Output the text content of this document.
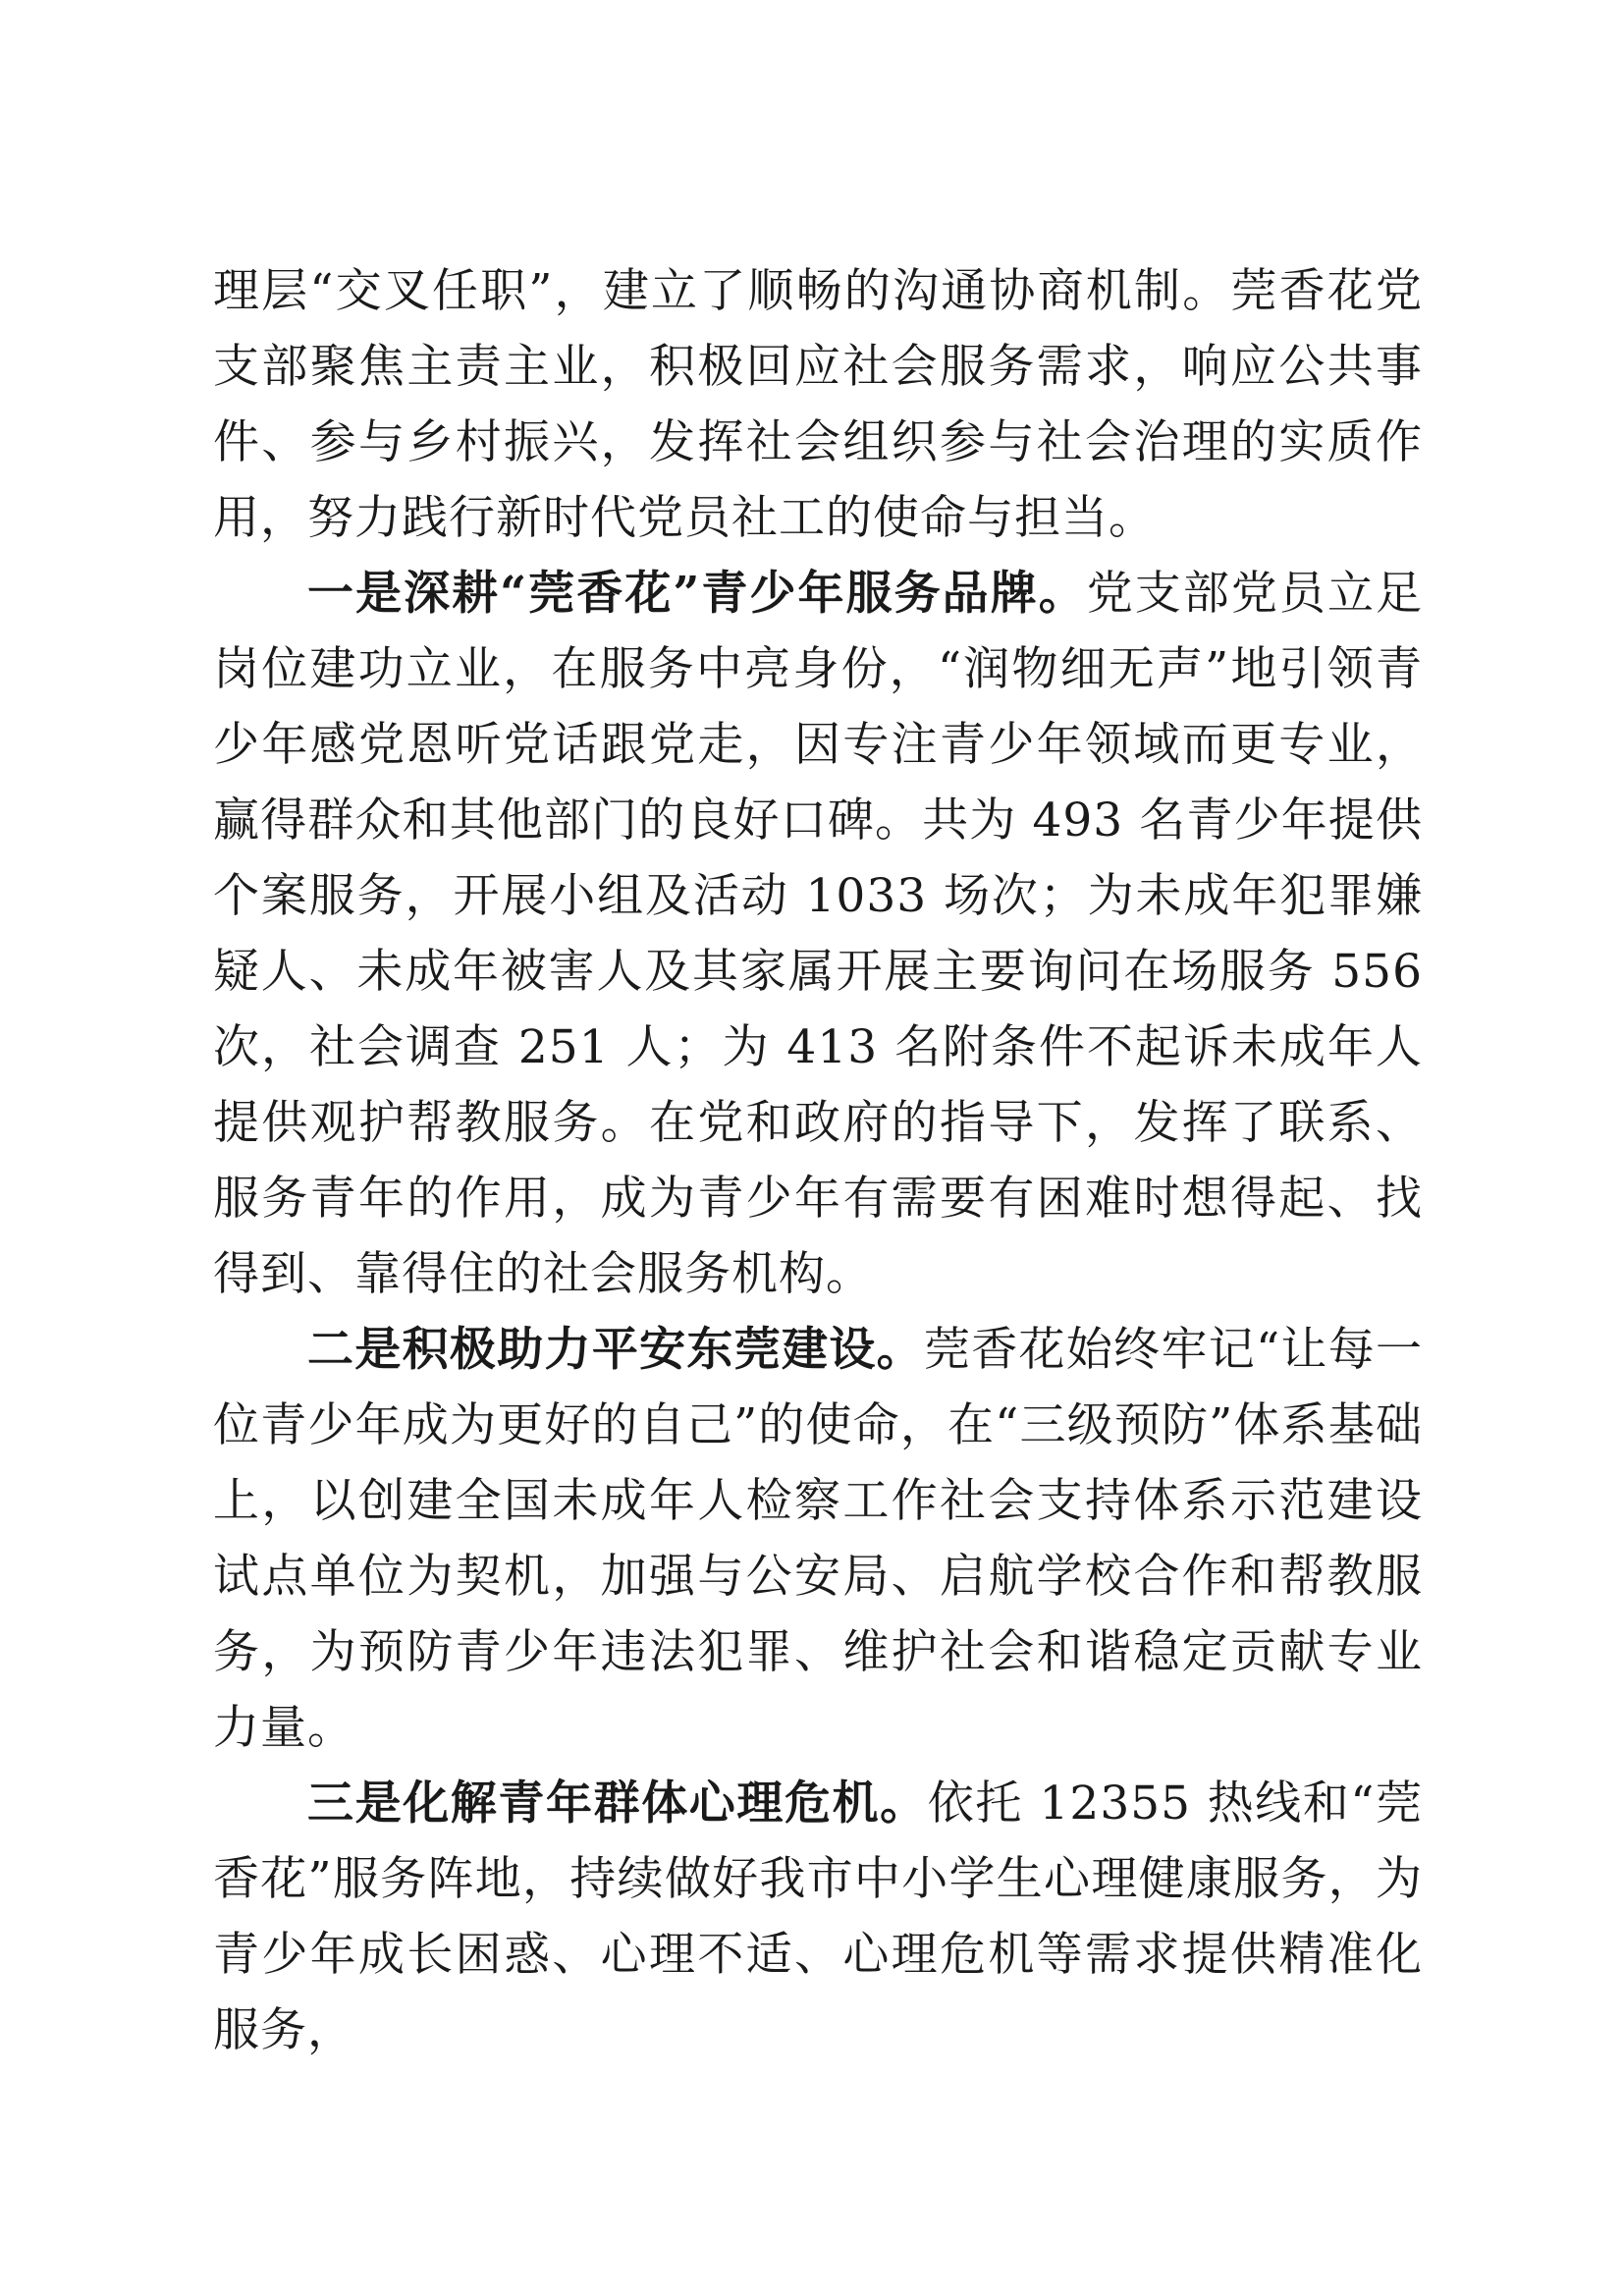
理层“交叉任职”，建立了顺畅的沟通协商机制。莞香花党支部聚焦主责主业，积极回应社会服务需求，响应公共事件、参与乡村振兴，发挥社会组织参与社会治理的实质作用，努力践行新时代党员社工的使命与担当。

一是深耕“莞香花”青少年服务品牌。党支部党员立足岗位建功立业，在服务中亮身份，“润物细无声”地引领青少年感党恩听党话跟党走，因专注青少年领域而更专业，赢得群众和其他部门的良好口碑。共为 493 名青少年提供个案服务，开展小组及活动 1033 场次；为未成年犯罪嫌疑人、未成年被害人及其家属开展主要询问在场服务 556 次，社会调查 251 人；为 413 名附条件不起诉未成年人提供观护帮教服务。在党和政府的指导下，发挥了联系、服务青年的作用，成为青少年有需要有困难时想得起、找得到、靠得住的社会服务机构。

二是积极助力平安东莞建设。莞香花始终牢记“让每一位青少年成为更好的自己”的使命，在“三级预防”体系基础上，以创建全国未成年人检察工作社会支持体系示范建设试点单位为契机，加强与公安局、启航学校合作和帮教服务，为预防青少年违法犯罪、维护社会和谐稳定贡献专业力量。

三是化解青年群体心理危机。依托 12355 热线和“莞香花”服务阵地，持续做好我市中小学生心理健康服务，为青少年成长困惑、心理不适、心理危机等需求提供精准化服务，
